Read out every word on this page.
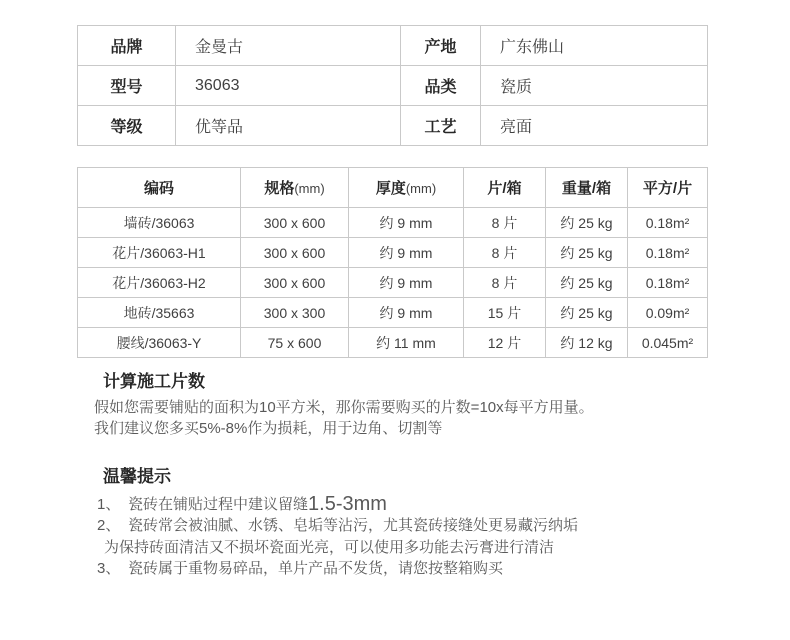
品牌	金曼古	产地	广东佛山
型号	36063	品类	瓷质
等级	优等品	工艺	亮面
编码	规格(mm)	厚度(mm)	片/箱	重量/箱	平方/片
墙砖/36063	300 x 600	约 9 mm	8 片	约 25 kg	0.18m²
花片/36063-H1	300 x 600	约 9 mm	8 片	约 25 kg	0.18m²
花片/36063-H2	300 x 600	约 9 mm	8 片	约 25 kg	0.18m²
地砖/35663	300 x 300	约 9 mm	15 片	约 25 kg	0.09m²
腰线/36063-Y	75 x 600	约 11 mm	12 片	约 12 kg	0.045m²
计算施工片数
假如您需要铺贴的面积为10平方米，那你需要购买的片数=10x每平方用量。
我们建议您多买5%-8%作为损耗，用于边角、切割等
温馨提示
1、 瓷砖在铺贴过程中建议留缝1.5-3mm
2、 瓷砖常会被油腻、水锈、皂垢等沾污，尤其瓷砖接缝处更易藏污纳垢
为保持砖面清洁又不损坏瓷面光亮，可以使用多功能去污膏进行清洁
3、 瓷砖属于重物易碎品，单片产品不发货，请您按整箱购买
